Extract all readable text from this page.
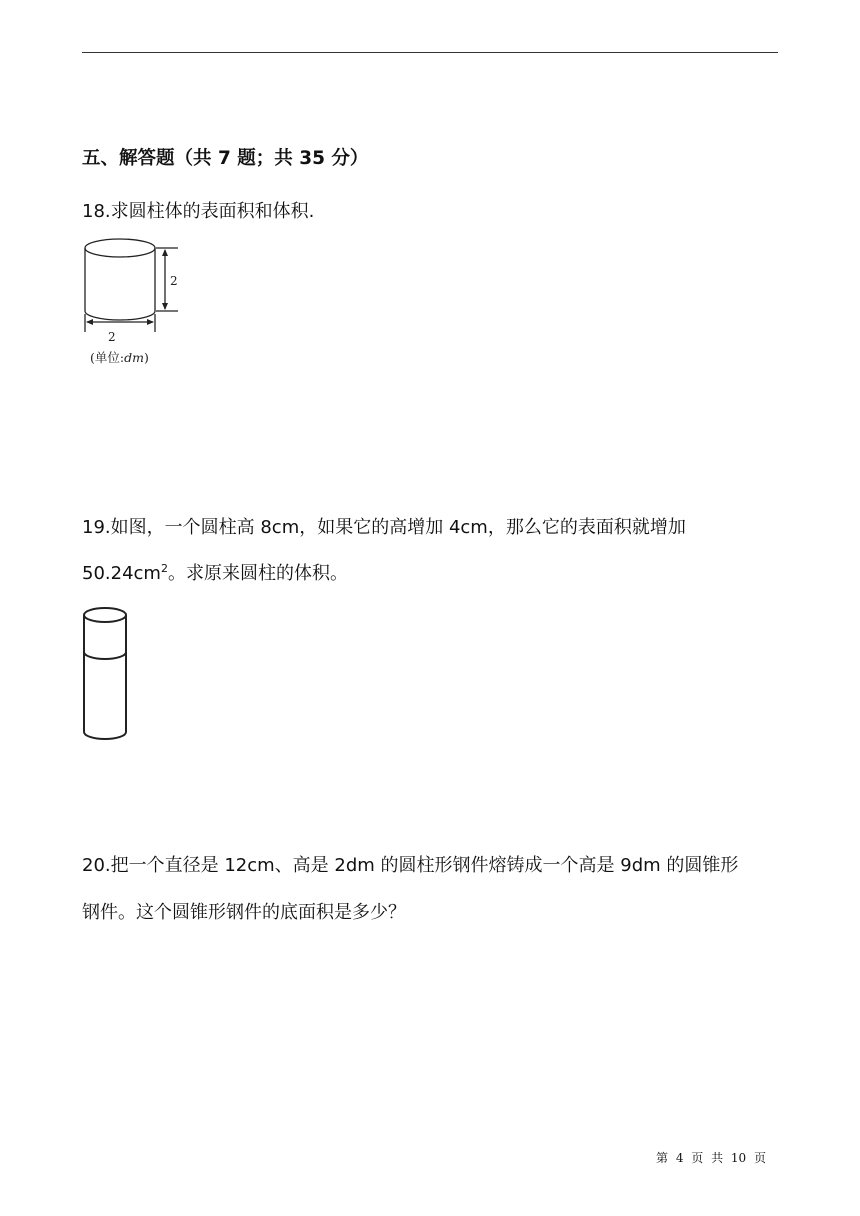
五、解答题（共 7 题；共 35 分）
18.求圆柱体的表面积和体积.
2
2
(单位:dm)
19.如图，一个圆柱高 8cm，如果它的高增加 4cm，那么它的表面积就增加
$50.24cm^2$。求原来圆柱的体积。
20.把一个直径是 12cm、高是 2dm 的圆柱形钢件熔铸成一个高是 9dm 的圆锥形
钢件。这个圆锥形钢件的底面积是多少？
第 4 页 共 10 页
